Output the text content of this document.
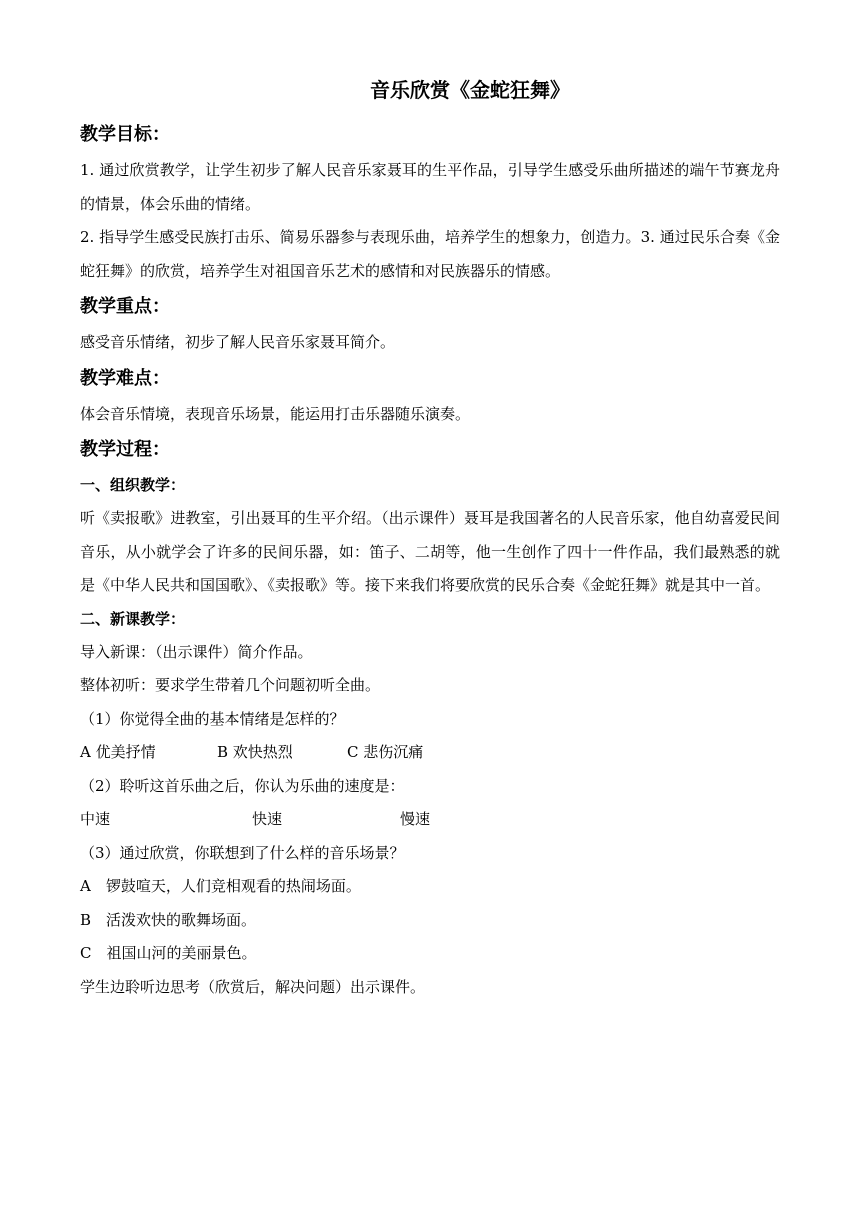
音乐欣赏《金蛇狂舞》
教学目标：

1. 通过欣赏教学，让学生初步了解人民音乐家聂耳的生平作品，引导学生感受乐曲所描述的端午节赛龙舟的情景，体会乐曲的情绪。

2. 指导学生感受民族打击乐、简易乐器参与表现乐曲，培养学生的想象力，创造力。3. 通过民乐合奏《金蛇狂舞》的欣赏，培养学生对祖国音乐艺术的感情和对民族器乐的情感。

教学重点：

感受音乐情绪，初步了解人民音乐家聂耳简介。

教学难点：

体会音乐情境，表现音乐场景，能运用打击乐器随乐演奏。

教学过程：
一、组织教学：

听《卖报歌》进教室，引出聂耳的生平介绍。（出示课件）聂耳是我国著名的人民音乐家，他自幼喜爱民间音乐，从小就学会了许多的民间乐器，如：笛子、二胡等，他一生创作了四十一件作品，我们最熟悉的就是《中华人民共和国国歌》、《卖报歌》等。接下来我们将要欣赏的民乐合奏《金蛇狂舞》就是其中一首。

二、新课教学：

导入新课：（出示课件）简介作品。

整体初听：要求学生带着几个问题初听全曲。

（1）你觉得全曲的基本情绪是怎样的？

A 优美抒情	B 欢快热烈	C 悲伤沉痛

（2）聆听这首乐曲之后，你认为乐曲的速度是：

中速	快速	慢速

（3）通过欣赏，你联想到了什么样的音乐场景？

A　锣鼓喧天，人们竞相观看的热闹场面。

B　活泼欢快的歌舞场面。

C　祖国山河的美丽景色。

学生边聆听边思考（欣赏后，解决问题）出示课件。
